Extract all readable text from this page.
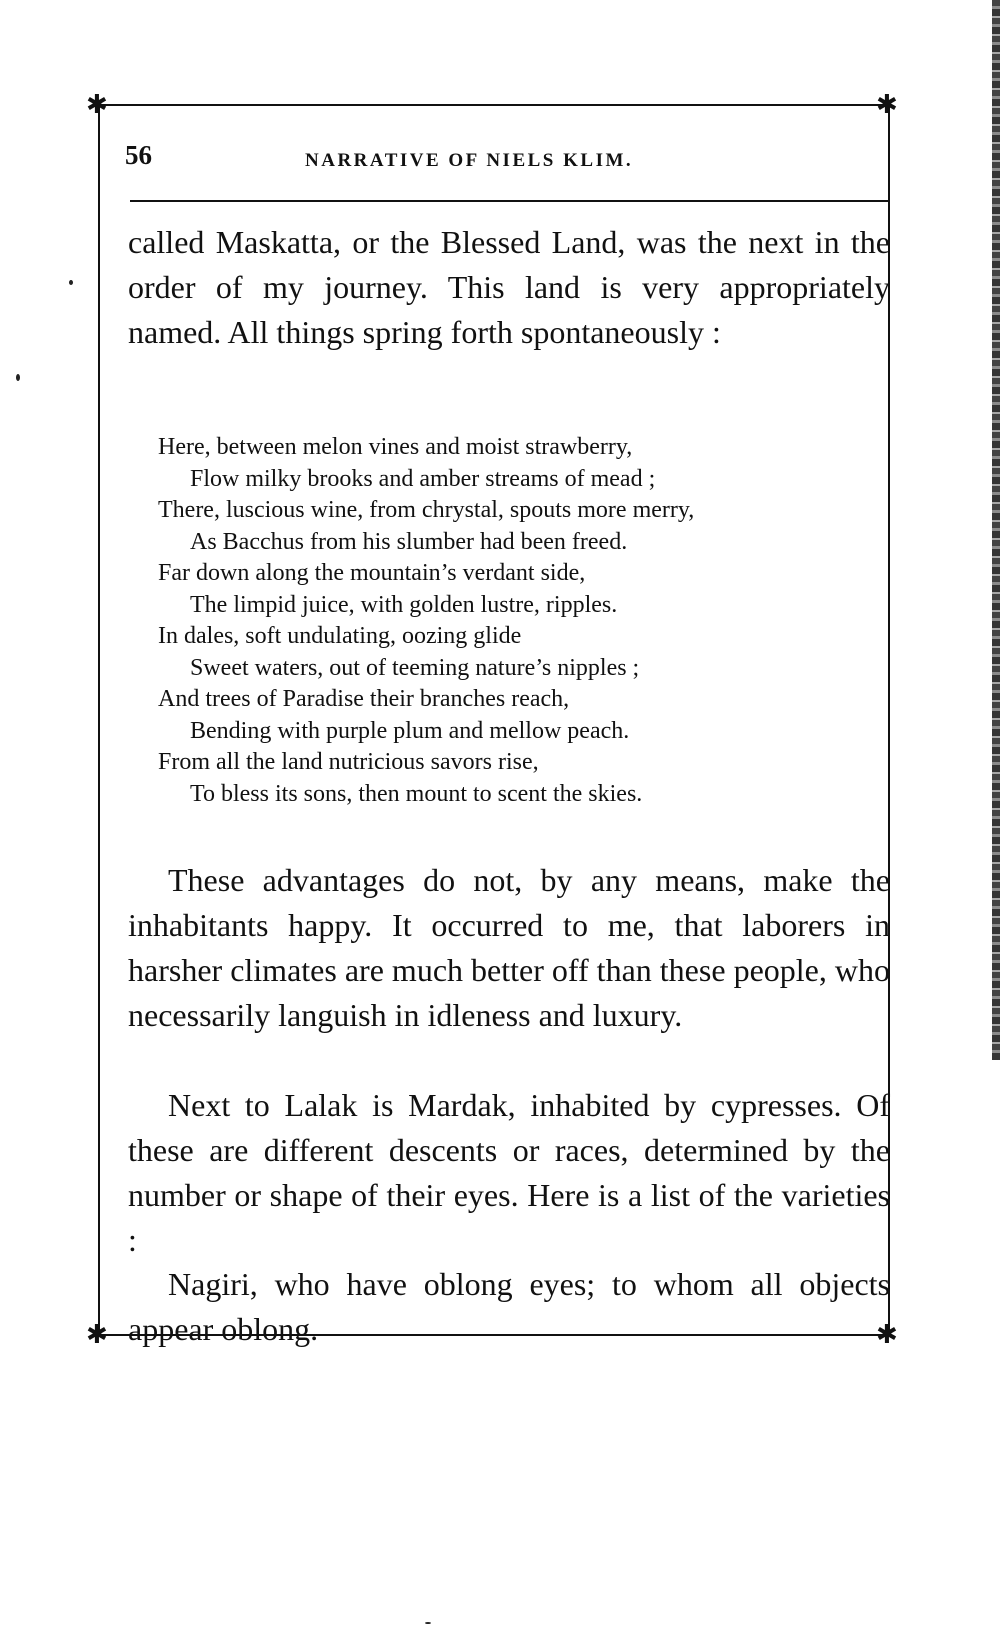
✱	✱
✱	✱
56	NARRATIVE OF NIELS KLIM.

called Maskatta, or the Blessed Land, was the next in the order of my journey. This land is very appropriately named. All things spring forth spontaneously :

Here, between melon vines and moist strawberry,
Flow milky brooks and amber streams of mead ;
There, luscious wine, from chrystal, spouts more merry,
As Bacchus from his slumber had been freed.
Far down along the mountain’s verdant side,
The limpid juice, with golden lustre, ripples.
In dales, soft undulating, oozing glide
Sweet waters, out of teeming nature’s nipples ;
And trees of Paradise their branches reach,
Bending with purple plum and mellow peach.
From all the land nutricious savors rise,
To bless its sons, then mount to scent the skies.

These advantages do not, by any means, make the inhabitants happy. It occurred to me, that laborers in harsher climates are much better off than these people, who necessarily languish in idleness and luxury.

Next to Lalak is Mardak, inhabited by cypresses. Of these are different descents or races, determined by the number or shape of their eyes. Here is a list of the varieties :

Nagiri, who have oblong eyes; to whom all objects appear oblong.
